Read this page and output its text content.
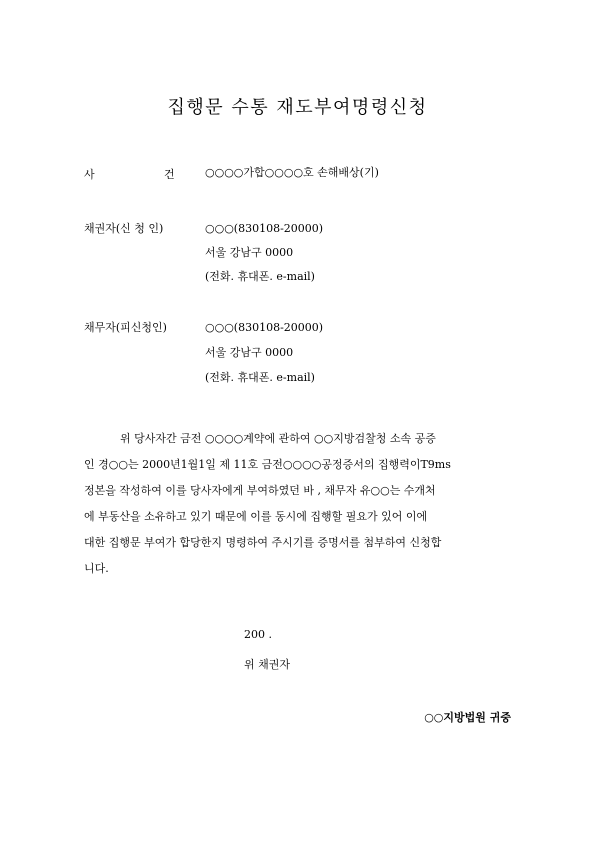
집행문 수통 재도부여명령신청
사	건	○○○○가합○○○○호 손해배상(기)
채권자(신 청 인)	○○○(830108-20000)
서울 강남구 0000
(전화. 휴대폰. e-mail)
채무자(피신청인)	○○○(830108-20000)
서울 강남구 0000
(전화. 휴대폰. e-mail)
위 당사자간 금전 ○○○○계약에 관하여 ○○지방검찰청 소속 공증
인 경○○는 2000년1월1일 제 11호 금전○○○○공정증서의 집행력이T9ms
정본을 작성하여 이를 당사자에게 부여하였던 바 , 채무자 유○○는 수개처
에 부동산을 소유하고 있기 때문에 이를 동시에 집행할 필요가 있어 이에
대한 집행문 부여가 합당한지 명령하여 주시기를 증명서를 첨부하여 신청합
니다.
200 .
위 채권자
○○지방법원 귀중
